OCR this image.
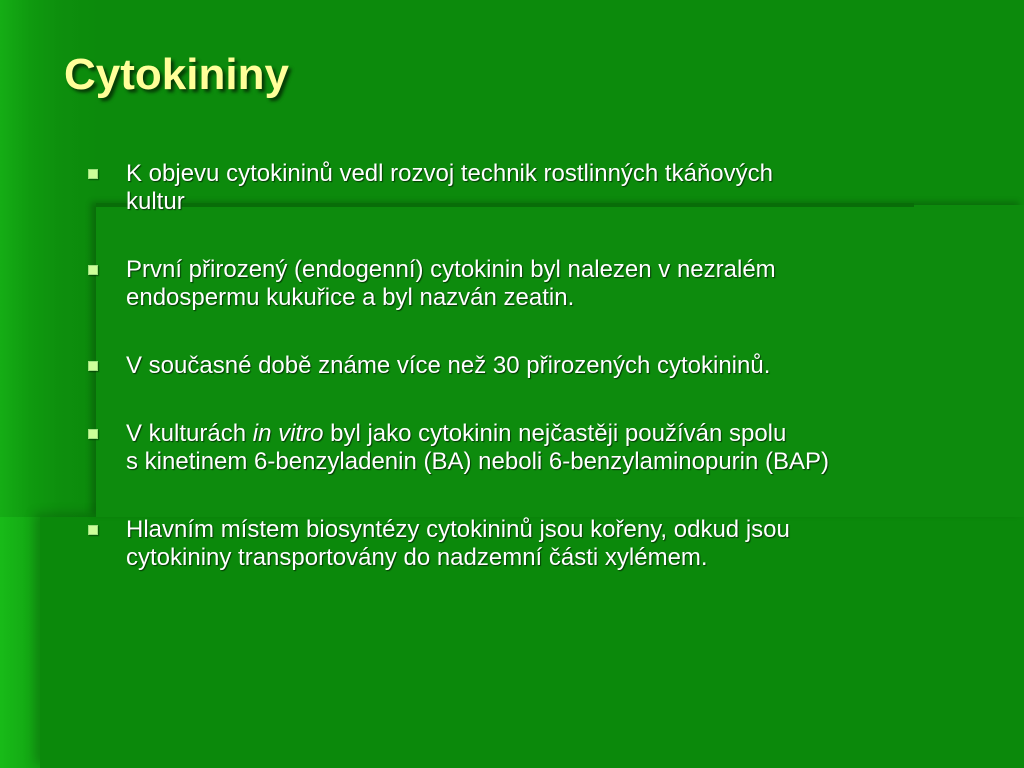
Cytokininy
K objevu cytokininů vedl rozvoj technik rostlinných tkáňových
kultur
První přirozený (endogenní) cytokinin byl nalezen v nezralém
endospermu kukuřice a byl nazván zeatin.
V současné době známe více než 30 přirozených cytokininů.
V kulturách in vitro byl jako cytokinin nejčastěji používán spolu
s kinetinem 6-benzyladenin (BA) neboli 6-benzylaminopurin (BAP)
Hlavním místem biosyntézy cytokininů jsou kořeny, odkud jsou
cytokininy transportovány do nadzemní části xylémem.
